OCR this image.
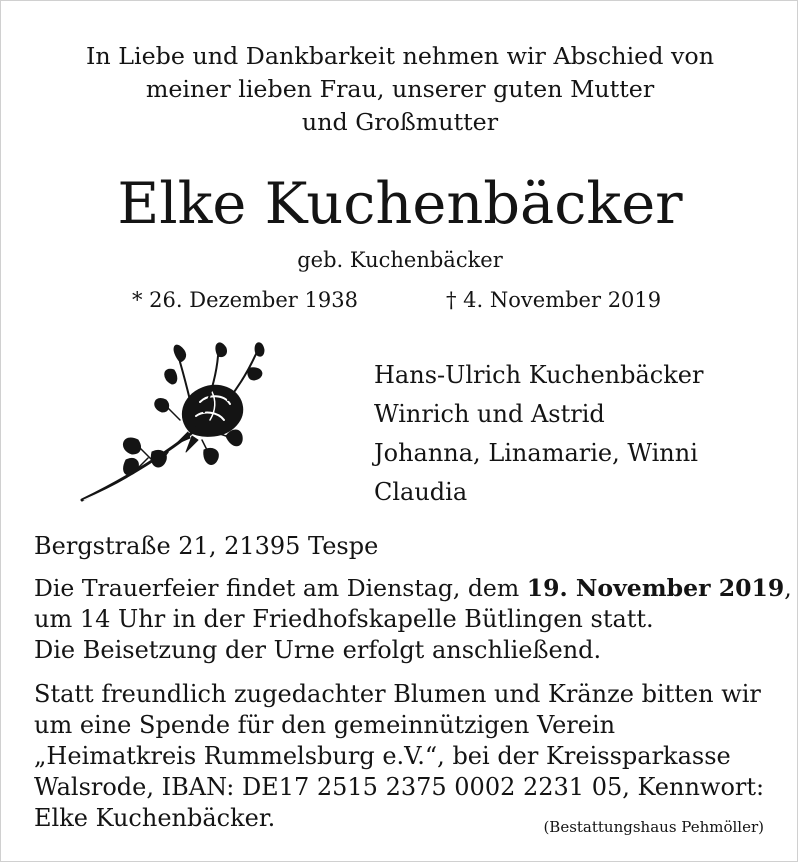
In Liebe und Dankbarkeit nehmen wir Abschied von
meiner lieben Frau, unserer guten Mutter
und Großmutter
Elke Kuchenbäcker
geb. Kuchenbäcker
* 26. Dezember 1938	† 4. November 2019
Hans-Ulrich Kuchenbäcker
Winrich und Astrid
Johanna, Linamarie, Winni
Claudia
Bergstraße 21, 21395 Tespe
Die Trauerfeier findet am Dienstag, dem 19. November 2019,
um 14 Uhr in der Friedhofskapelle Bütlingen statt.
Die Beisetzung der Urne erfolgt anschließend.
Statt freundlich zugedachter Blumen und Kränze bitten wir
um eine Spende für den gemeinnützigen Verein
„Heimatkreis Rummelsburg e.V.“, bei der Kreissparkasse
Walsrode, IBAN: DE17 2515 2375 0002 2231 05, Kennwort:
Elke Kuchenbäcker.	(Bestattungshaus Pehmöller)
